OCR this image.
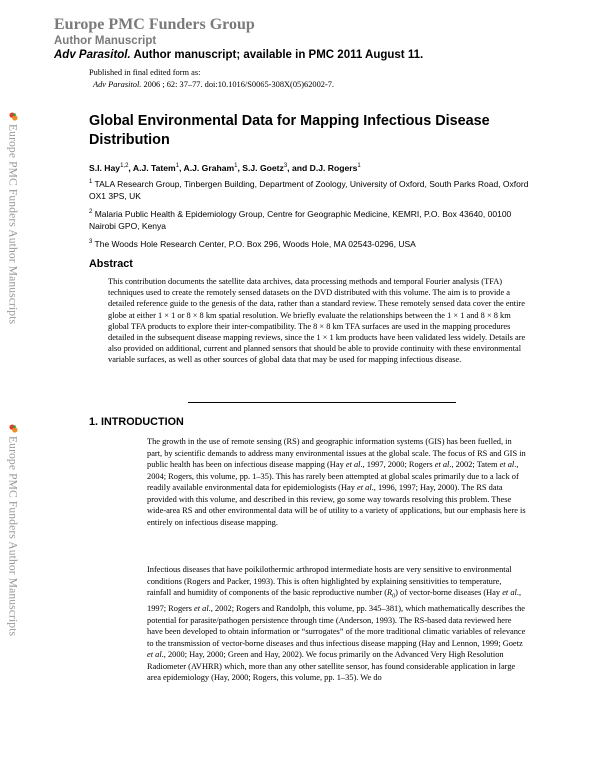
Europe PMC Funders Group
Author Manuscript
Adv Parasitol. Author manuscript; available in PMC 2011 August 11.
Published in final edited form as:
Adv Parasitol. 2006 ; 62: 37–77. doi:10.1016/S0065-308X(05)62002-7.
Europe PMC Funders Author Manuscripts
Europe PMC Funders Author Manuscripts
Global Environmental Data for Mapping Infectious Disease Distribution
S.I. Hay$^{1,2}$, A.J. Tatem$^1$, A.J. Graham$^1$, S.J. Goetz$^3$, and D.J. Rogers$^1$
$^1$ TALA Research Group, Tinbergen Building, Department of Zoology, University of Oxford, South Parks Road, Oxford OX1 3PS, UK
$^2$ Malaria Public Health & Epidemiology Group, Centre for Geographic Medicine, KEMRI, P.O. Box 43640, 00100 Nairobi GPO, Kenya
$^3$ The Woods Hole Research Center, P.O. Box 296, Woods Hole, MA 02543-0296, USA
Abstract
This contribution documents the satellite data archives, data processing methods and temporal Fourier analysis (TFA) techniques used to create the remotely sensed datasets on the DVD distributed with this volume. The aim is to provide a detailed reference guide to the genesis of the data, rather than a standard review. These remotely sensed data cover the entire globe at either 1 × 1 or 8 × 8 km spatial resolution. We briefly evaluate the relationships between the 1 × 1 and 8 × 8 km global TFA products to explore their inter-compatibility. The 8 × 8 km TFA surfaces are used in the mapping procedures detailed in the subsequent disease mapping reviews, since the 1 × 1 km products have been validated less widely. Details are also provided on additional, current and planned sensors that should be able to provide continuity with these environmental variable surfaces, as well as other sources of global data that may be used for mapping infectious disease.
1. INTRODUCTION
The growth in the use of remote sensing (RS) and geographic information systems (GIS) has been fuelled, in part, by scientific demands to address many environmental issues at the global scale. The focus of RS and GIS in public health has been on infectious disease mapping (Hay et al., 1997, 2000; Rogers et al., 2002; Tatem et al., 2004; Rogers, this volume, pp. 1–35). This has rarely been attempted at global scales primarily due to a lack of readily available environmental data for epidemiologists (Hay et al., 1996, 1997; Hay, 2000). The RS data provided with this volume, and described in this review, go some way towards resolving this problem. These wide-area RS and other environmental data will be of utility to a variety of applications, but our emphasis here is entirely on infectious disease mapping.
Infectious diseases that have poikilothermic arthropod intermediate hosts are very sensitive to environmental conditions (Rogers and Packer, 1993). This is often highlighted by explaining sensitivities to temperature, rainfall and humidity of components of the basic reproductive number $(R_0)$ of vector-borne diseases (Hay et al., 1997; Rogers et al., 2002; Rogers and Randolph, this volume, pp. 345–381), which mathematically describes the potential for parasite/pathogen persistence through time (Anderson, 1993). The RS-based data reviewed here have been developed to obtain information or “surrogates” of the more traditional climatic variables of relevance to the transmission of vector-borne diseases and thus infectious disease mapping (Hay and Lennon, 1999; Goetz et al., 2000; Hay, 2000; Green and Hay, 2002). We focus primarily on the Advanced Very High Resolution Radiometer (AVHRR) which, more than any other satellite sensor, has found considerable application in large area epidemiology (Hay, 2000; Rogers, this volume, pp. 1–35). We do
